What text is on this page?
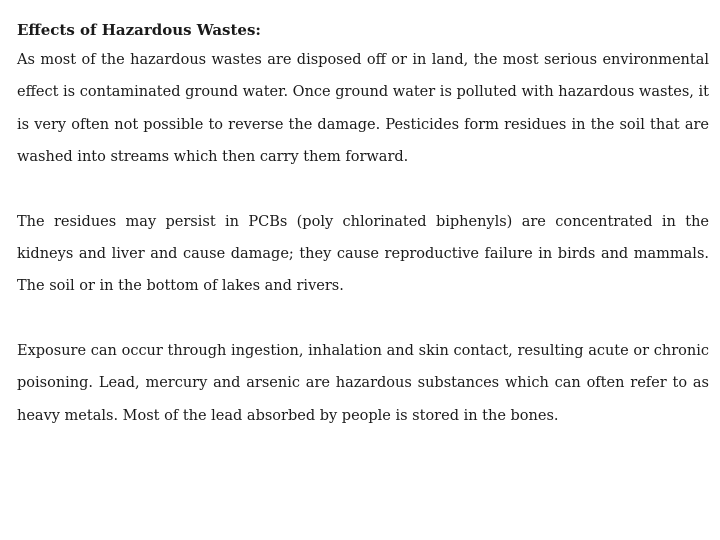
Effects of Hazardous Wastes:

As most of the hazardous wastes are disposed off or in land, the most serious environmental effect is contaminated ground water. Once ground water is polluted with hazardous wastes, it is very often not possible to reverse the damage. Pesticides form residues in the soil that are washed into streams which then carry them forward.

The residues may persist in PCBs (poly chlorinated biphenyls) are concentrated in the kidneys and liver and cause damage; they cause reproductive failure in birds and mammals. The soil or in the bottom of lakes and rivers.

Exposure can occur through ingestion, inhalation and skin contact, resulting acute or chronic poisoning. Lead, mercury and arsenic are hazardous substances which can often refer to as heavy metals. Most of the lead absorbed by people is stored in the bones.
